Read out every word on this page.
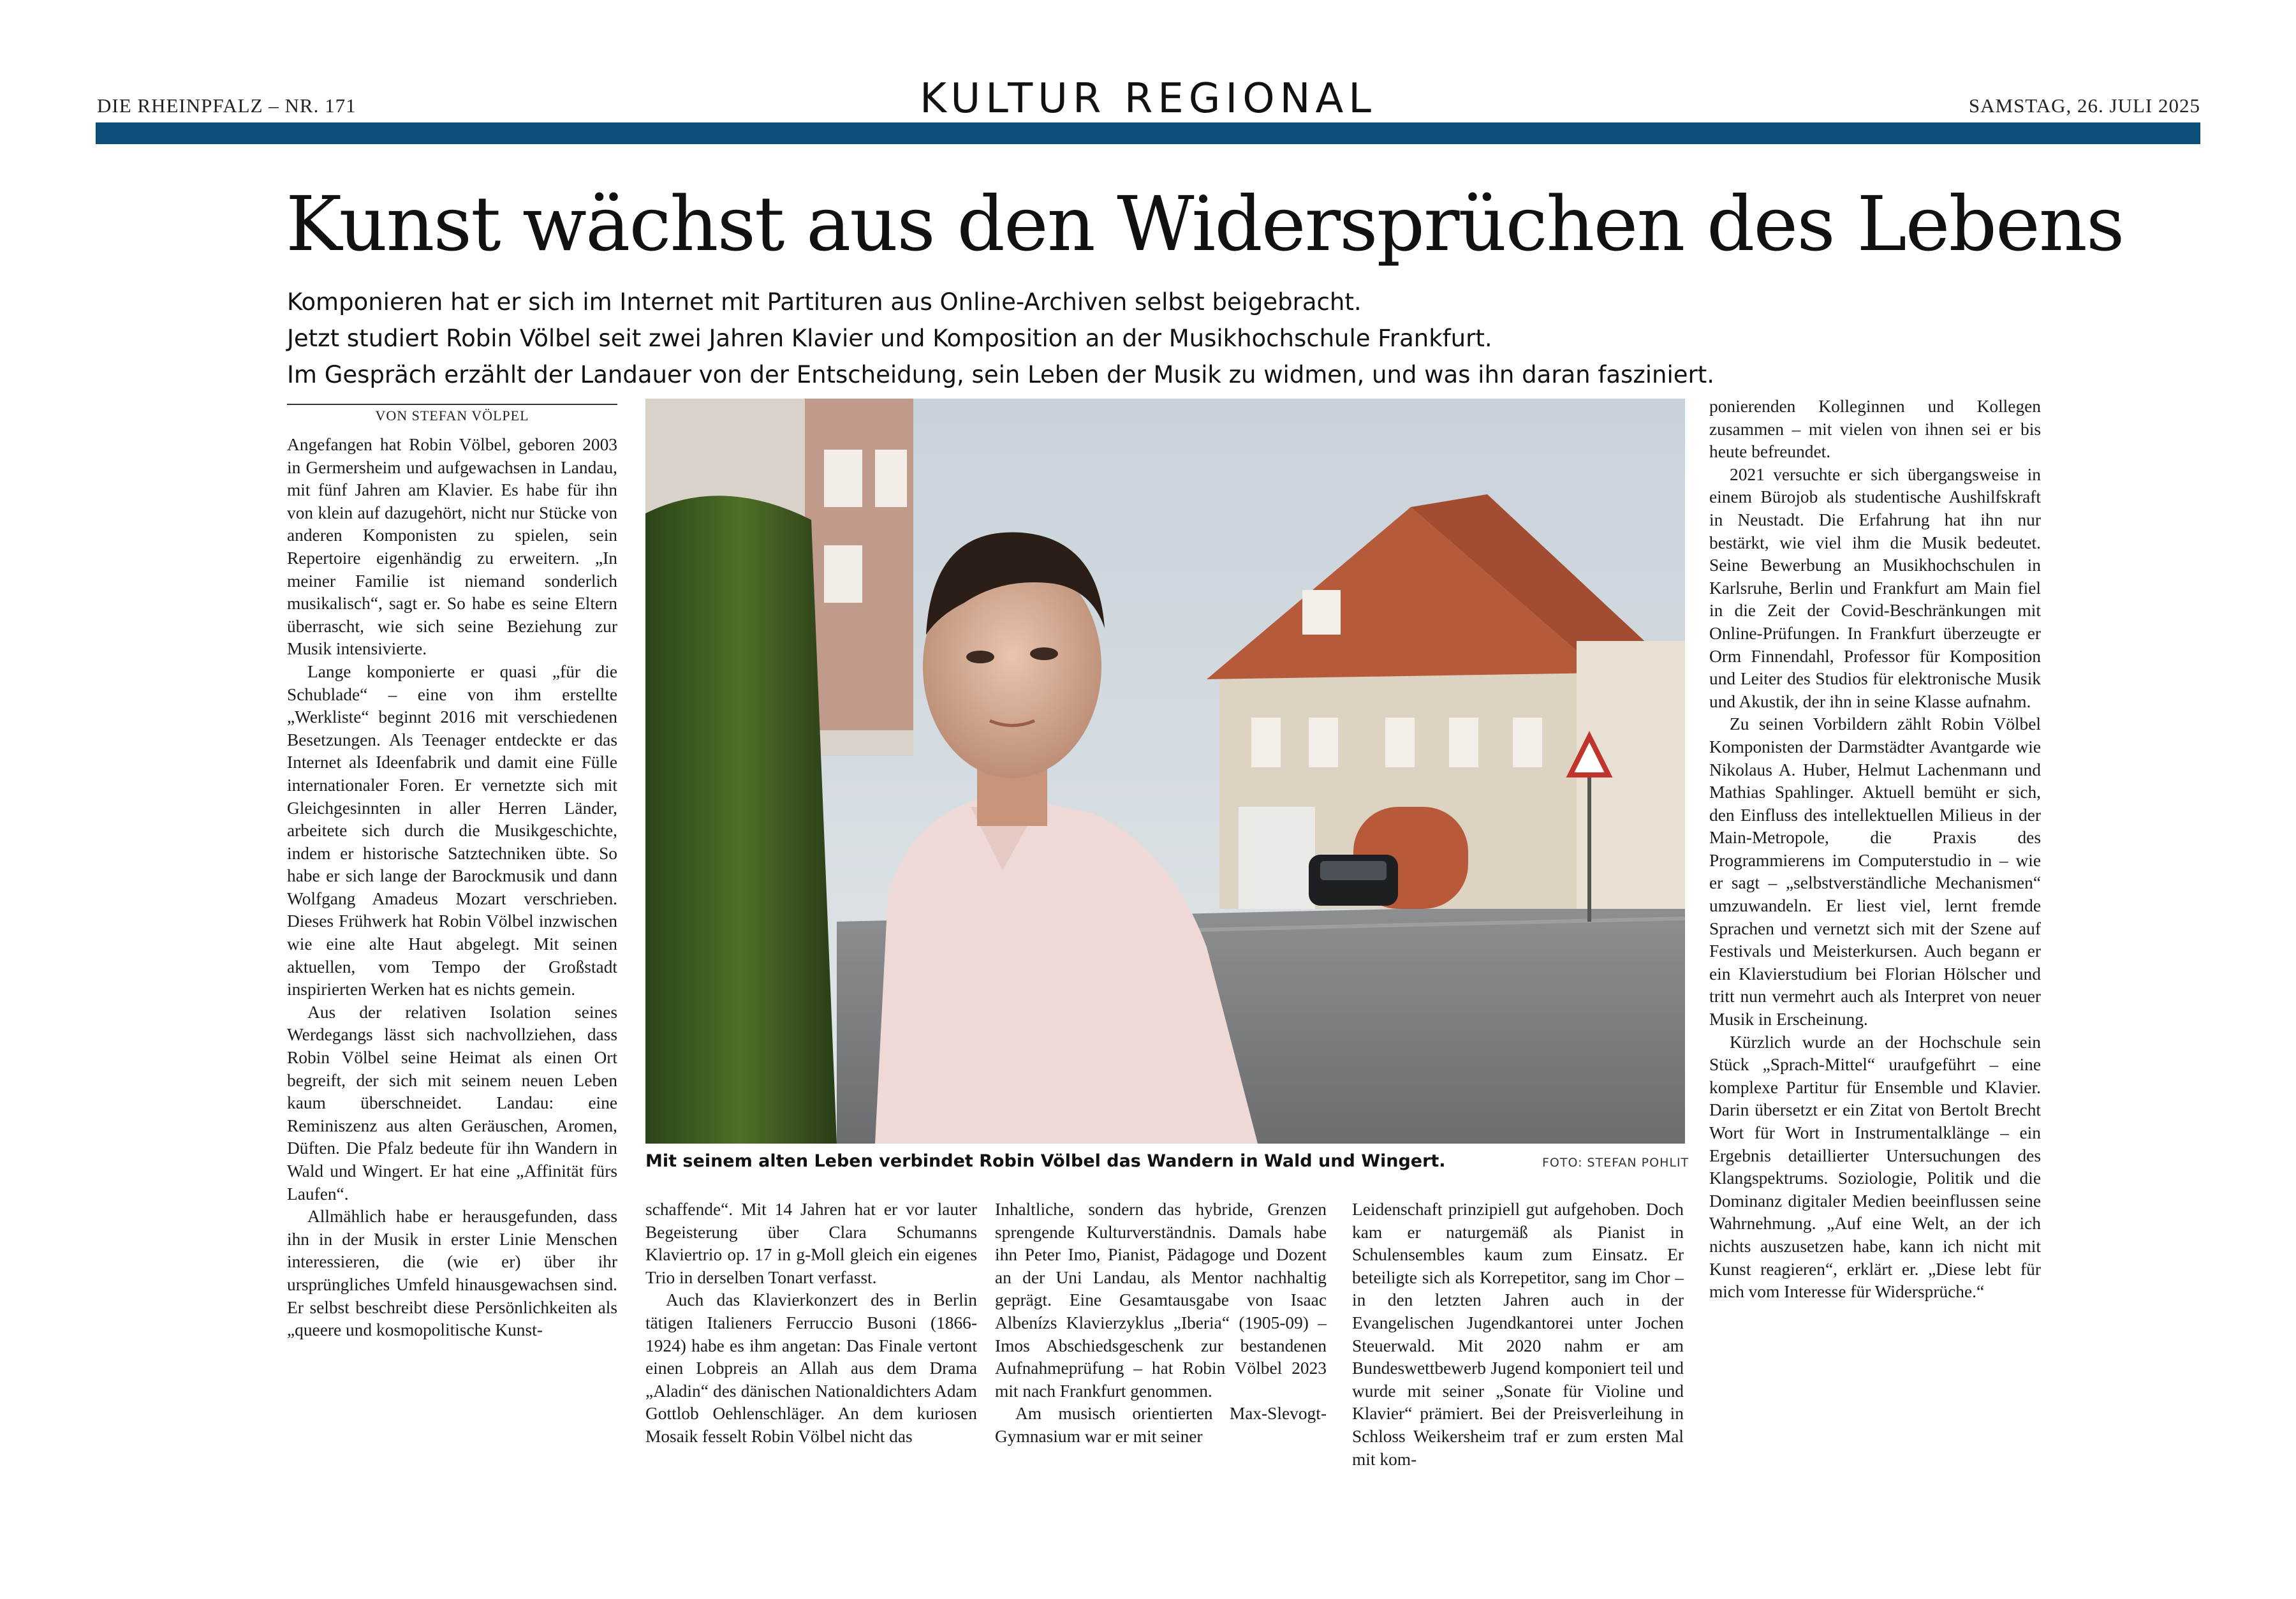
DIE RHEINPFALZ – NR. 171	KULTUR REGIONAL	SAMSTAG, 26. JULI 2025
Kunst wächst aus den Widersprüchen des Lebens
Komponieren hat er sich im Internet mit Partituren aus Online-Archiven selbst beigebracht.
Jetzt studiert Robin Völbel seit zwei Jahren Klavier und Komposition an der Musikhochschule Frankfurt.
Im Gespräch erzählt der Landauer von der Entscheidung, sein Leben der Musik zu widmen, und was ihn daran fasziniert.
VON STEFAN VÖLPEL

Angefangen hat Robin Völbel, geboren 2003 in Germersheim und aufgewachsen in Landau, mit fünf Jahren am Klavier. Es habe für ihn von klein auf dazugehört, nicht nur Stücke von anderen Komponisten zu spielen, sein Repertoire eigenhändig zu erweitern. „In meiner Familie ist niemand sonderlich musikalisch“, sagt er. So habe es seine Eltern überrascht, wie sich seine Beziehung zur Musik intensivierte.

Lange komponierte er quasi „für die Schublade“ – eine von ihm erstellte „Werkliste“ beginnt 2016 mit verschiedenen Besetzungen. Als Teenager entdeckte er das Internet als Ideenfabrik und damit eine Fülle internationaler Foren. Er vernetzte sich mit Gleichgesinnten in aller Herren Länder, arbeitete sich durch die Musikgeschichte, indem er historische Satztechniken übte. So habe er sich lange der Barockmusik und dann Wolfgang Amadeus Mozart verschrieben. Dieses Frühwerk hat Robin Völbel inzwischen wie eine alte Haut abgelegt. Mit seinen aktuellen, vom Tempo der Großstadt inspirierten Werken hat es nichts gemein.

Aus der relativen Isolation seines Werdegangs lässt sich nachvollziehen, dass Robin Völbel seine Heimat als einen Ort begreift, der sich mit seinem neuen Leben kaum überschneidet. Landau: eine Reminiszenz aus alten Geräuschen, Aromen, Düften. Die Pfalz bedeute für ihn Wandern in Wald und Wingert. Er hat eine „Affinität fürs Laufen“.

Allmählich habe er herausgefunden, dass ihn in der Musik in erster Linie Menschen interessieren, die (wie er) über ihr ursprüngliches Umfeld hinausgewachsen sind. Er selbst beschreibt diese Persönlichkeiten als „queere und kosmopolitische Kunst-

Mit seinem alten Leben verbindet Robin Völbel das Wandern in Wald und Wingert.	FOTO: STEFAN POHLIT

ponierenden Kolleginnen und Kollegen zusammen – mit vielen von ihnen sei er bis heute befreundet.

2021 versuchte er sich übergangsweise in einem Bürojob als studentische Aushilfskraft in Neustadt. Die Erfahrung hat ihn nur bestärkt, wie viel ihm die Musik bedeutet. Seine Bewerbung an Musikhochschulen in Karlsruhe, Berlin und Frankfurt am Main fiel in die Zeit der Covid-Beschränkungen mit Online-Prüfungen. In Frankfurt überzeugte er Orm Finnendahl, Professor für Komposition und Leiter des Studios für elektronische Musik und Akustik, der ihn in seine Klasse aufnahm.

Zu seinen Vorbildern zählt Robin Völbel Komponisten der Darmstädter Avantgarde wie Nikolaus A. Huber, Helmut Lachenmann und Mathias Spahlinger. Aktuell bemüht er sich, den Einfluss des intellektuellen Milieus in der Main-Metropole, die Praxis des Programmierens im Computerstudio in – wie er sagt – „selbstverständliche Mechanismen“ umzuwandeln. Er liest viel, lernt fremde Sprachen und vernetzt sich mit der Szene auf Festivals und Meisterkursen. Auch begann er ein Klavierstudium bei Florian Hölscher und tritt nun vermehrt auch als Interpret von neuer Musik in Erscheinung.

Kürzlich wurde an der Hochschule sein Stück „Sprach-Mittel“ uraufgeführt – eine komplexe Partitur für Ensemble und Klavier. Darin übersetzt er ein Zitat von Bertolt Brecht Wort für Wort in Instrumentalklänge – ein Ergebnis detaillierter Untersuchungen des Klangspektrums. Soziologie, Politik und die Dominanz digitaler Medien beeinflussen seine Wahrnehmung. „Auf eine Welt, an der ich nichts auszusetzen habe, kann ich nicht mit Kunst reagieren“, erklärt er. „Diese lebt für mich vom Interesse für Widersprüche.“

schaffende“. Mit 14 Jahren hat er vor lauter Begeisterung über Clara Schumanns Klaviertrio op. 17 in g-Moll gleich ein eigenes Trio in derselben Tonart verfasst.

Auch das Klavierkonzert des in Berlin tätigen Italieners Ferruccio Busoni (1866-1924) habe es ihm angetan: Das Finale vertont einen Lobpreis an Allah aus dem Drama „Aladin“ des dänischen Nationaldichters Adam Gottlob Oehlenschläger. An dem kuriosen Mosaik fesselt Robin Völbel nicht das

Inhaltliche, sondern das hybride, Grenzen sprengende Kulturverständnis. Damals habe ihn Peter Imo, Pianist, Pädagoge und Dozent an der Uni Landau, als Mentor nachhaltig geprägt. Eine Gesamtausgabe von Isaac Albenízs Klavierzyklus „Iberia“ (1905-09) – Imos Abschiedsgeschenk zur bestandenen Aufnahmeprüfung – hat Robin Völbel 2023 mit nach Frankfurt genommen.

Am musisch orientierten Max-Slevogt-Gymnasium war er mit seiner

Leidenschaft prinzipiell gut aufgehoben. Doch kam er naturgemäß als Pianist in Schulensembles kaum zum Einsatz. Er beteiligte sich als Korrepetitor, sang im Chor – in den letzten Jahren auch in der Evangelischen Jugendkantorei unter Jochen Steuerwald. Mit 2020 nahm er am Bundeswettbewerb Jugend komponiert teil und wurde mit seiner „Sonate für Violine und Klavier“ prämiert. Bei der Preisverleihung in Schloss Weikersheim traf er zum ersten Mal mit kom-
